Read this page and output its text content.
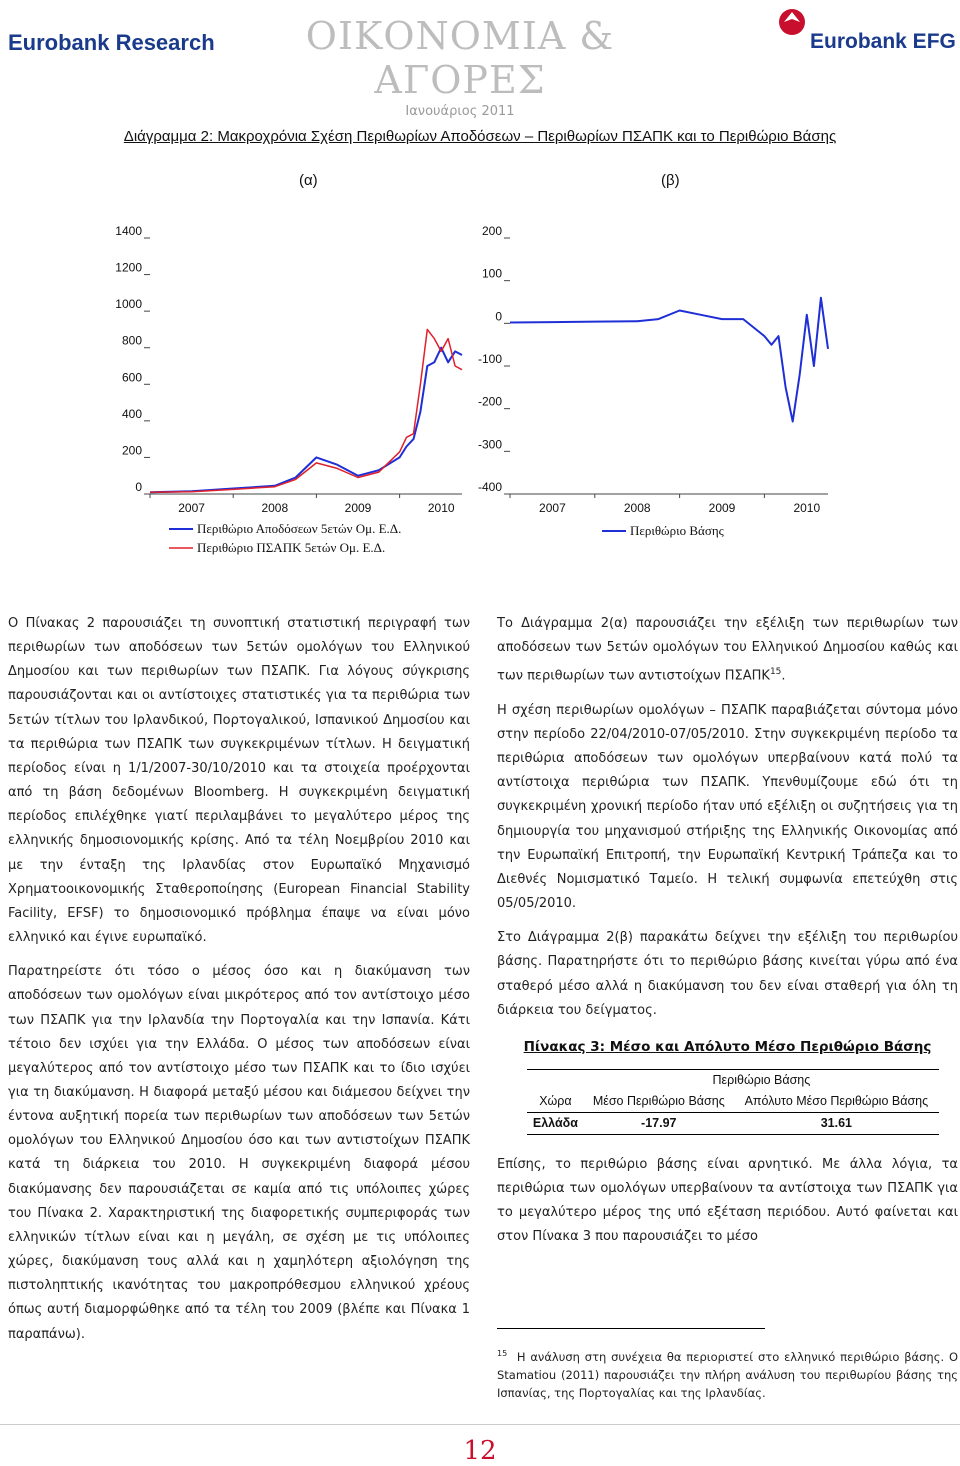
Eurobank Research	ΟΙΚΟΝΟΜΙΑ & ΑΓΟΡΕΣ
Ιανουάριος 2011
Eurobank EFG
Διάγραμμα 2: Μακροχρόνια Σχέση Περιθωρίων Αποδόσεων – Περιθωρίων ΠΣΑΠΚ και το Περιθώριο Βάσης
(α)	(β)
0
200
400
600
800
1000
1200
1400
2007	2008	2009	2010
-400
-300
-200
-100
0
100
200
2007	2008	2009	2010
Περιθώριο Αποδόσεων 5ετών Ομ. Ε.Δ.
Περιθώριο ΠΣΑΠΚ 5ετών Ομ. Ε.Δ.
Περιθώριο Βάσης

Ο Πίνακας 2 παρουσιάζει τη συνοπτική στατιστική περιγραφή των περιθωρίων των αποδόσεων των 5ετών ομολόγων του Ελληνικού Δημοσίου και των περιθωρίων των ΠΣΑΠΚ. Για λόγους σύγκρισης παρουσιάζονται και οι αντίστοιχες στατιστικές για τα περιθώρια των 5ετών τίτλων του Ιρλανδικού, Πορτογαλικού, Ισπανικού Δημοσίου και τα περιθώρια των ΠΣΑΠΚ των συγκεκριμένων τίτλων. Η δειγματική περίοδος είναι η 1/1/2007-30/10/2010 και τα στοιχεία προέρχονται από τη βάση δεδομένων Bloomberg. Η συγκεκριμένη δειγματική περίοδος επιλέχθηκε γιατί περιλαμβάνει το μεγαλύτερο μέρος της ελληνικής δημοσιονομικής κρίσης. Από τα τέλη Νοεμβρίου 2010 και με την ένταξη της Ιρλανδίας στον Ευρωπαϊκό Μηχανισμό Χρηματοοικονομικής Σταθεροποίησης (European Financial Stability Facility, EFSF) το δημοσιονομικό πρόβλημα έπαψε να είναι μόνο ελληνικό και έγινε ευρωπαϊκό.

Παρατηρείστε ότι τόσο ο μέσος όσο και η διακύμανση των αποδόσεων των ομολόγων είναι μικρότερος από τον αντίστοιχο μέσο των ΠΣΑΠΚ για την Ιρλανδία την Πορτογαλία και την Ισπανία. Κάτι τέτοιο δεν ισχύει για την Ελλάδα. Ο μέσος των αποδόσεων είναι μεγαλύτερος από τον αντίστοιχο μέσο των ΠΣΑΠΚ και το ίδιο ισχύει για τη διακύμανση. Η διαφορά μεταξύ μέσου και διάμεσου δείχνει την έντονα αυξητική πορεία των περιθωρίων των αποδόσεων των 5ετών ομολόγων του Ελληνικού Δημοσίου όσο και των αντιστοίχων ΠΣΑΠΚ κατά τη διάρκεια του 2010. Η συγκεκριμένη διαφορά μέσου διακύμανσης δεν παρουσιάζεται σε καμία από τις υπόλοιπες χώρες του Πίνακα 2. Χαρακτηριστική της διαφορετικής συμπεριφοράς των ελληνικών τίτλων είναι και η μεγάλη, σε σχέση με τις υπόλοιπες χώρες, διακύμανση τους αλλά και η χαμηλότερη αξιολόγηση της πιστοληπτικής ικανότητας του μακροπρόθεσμου ελληνικού χρέους όπως αυτή διαμορφώθηκε από τα τέλη του 2009 (βλέπε και Πίνακα 1 παραπάνω).

Το Διάγραμμα 2(α) παρουσιάζει την εξέλιξη των περιθωρίων των αποδόσεων των 5ετών ομολόγων του Ελληνικού Δημοσίου καθώς και των περιθωρίων των αντιστοίχων ΠΣΑΠΚ$^{15}$.

Η σχέση περιθωρίων ομολόγων – ΠΣΑΠΚ παραβιάζεται σύντομα μόνο στην περίοδο 22/04/2010-07/05/2010. Στην συγκεκριμένη περίοδο τα περιθώρια αποδόσεων των ομολόγων υπερβαίνουν κατά πολύ τα αντίστοιχα περιθώρια των ΠΣΑΠΚ. Υπενθυμίζουμε εδώ ότι τη συγκεκριμένη χρονική περίοδο ήταν υπό εξέλιξη οι συζητήσεις για τη δημιουργία του μηχανισμού στήριξης της Ελληνικής Οικονομίας από την Ευρωπαϊκή Επιτροπή, την Ευρωπαϊκή Κεντρική Τράπεζα και το Διεθνές Νομισματικό Ταμείο. Η τελική συμφωνία επετεύχθη στις 05/05/2010.

Στο Διάγραμμα 2(β) παρακάτω δείχνει την εξέλιξη του περιθωρίου βάσης. Παρατηρήστε ότι το περιθώριο βάσης κινείται γύρω από ένα σταθερό μέσο αλλά η διακύμανση του δεν είναι σταθερή για όλη τη διάρκεια του δείγματος.

Πίνακας 3: Μέσο και Απόλυτο Μέσο Περιθώριο Βάσης
	Περιθώριο Βάσης	
Χώρα	Μέσο Περιθώριο Βάσης	Απόλυτο Μέσο Περιθώριο Βάσης
Ελλάδα	-17.97	31.61

Επίσης, το περιθώριο βάσης είναι αρνητικό. Με άλλα λόγια, τα περιθώρια των ομολόγων υπερβαίνουν τα αντίστοιχα των ΠΣΑΠΚ για το μεγαλύτερο μέρος της υπό εξέταση περιόδου. Αυτό φαίνεται και στον Πίνακα 3 που παρουσιάζει το μέσο

$^{15}$ Η ανάλυση στη συνέχεια θα περιοριστεί στο ελληνικό περιθώριο βάσης. Ο Stamatiou (2011) παρουσιάζει την πλήρη ανάλυση του περιθωρίου βάσης της Ισπανίας, της Πορτογαλίας και της Ιρλανδίας.
12
